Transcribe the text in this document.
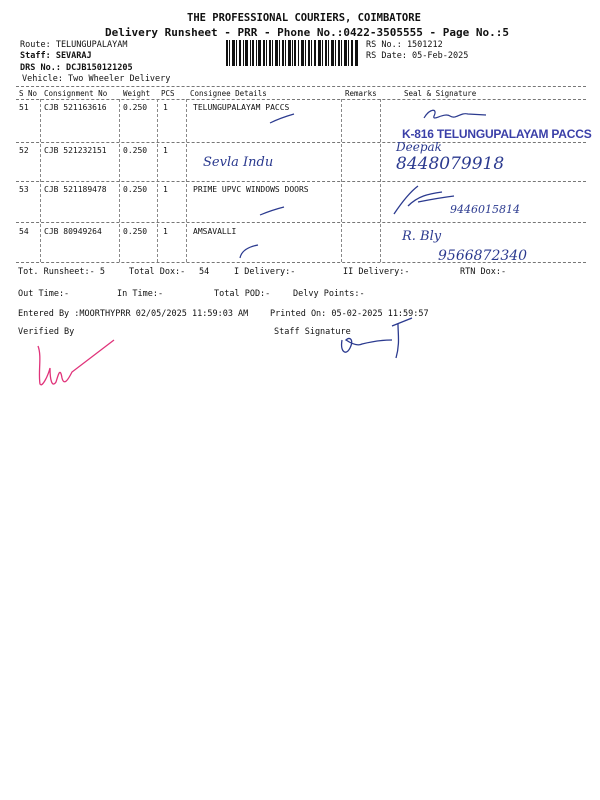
THE PROFESSIONAL COURIERS, COIMBATORE
Delivery Runsheet - PRR - Phone No.:0422-3505555 - Page No.:5
Route: TELUNGUPALAYAM
Staff: SEVARAJ
DRS No.: DCJB150121205
Vehicle: Two Wheeler Delivery
RS No.: 1501212
RS Date: 05-Feb-2025
S No Consignment No Weight PCS Consignee Details	Remarks	Seal & Signature
51 CJB 521163616 0.250 1	TELUNGUPALAYAM PACCS
52 CJB 521232151 0.250 1
53 CJB 521189478 0.250 1	PRIME UPVC WINDOWS DOORS
54 CJB 80949264	0.250 1	AMSAVALLI
Sevla Indu
Deepak
8448079918
9446015814
R. Bly
9566872340
K-816 TELUNGUPALAYAM PACCS
Tot. Runsheet:- 5	Total Dox:- 54	I Delivery:-	II Delivery:-	RTN Dox:-
Out Time:-	In Time:-	Total POD:-	Delvy Points:-
Entered By :MOORTHYPRR 02/05/2025 11:59:03 AM	Printed On: 05-02-2025 11:59:57
Verified By	Staff Signature
